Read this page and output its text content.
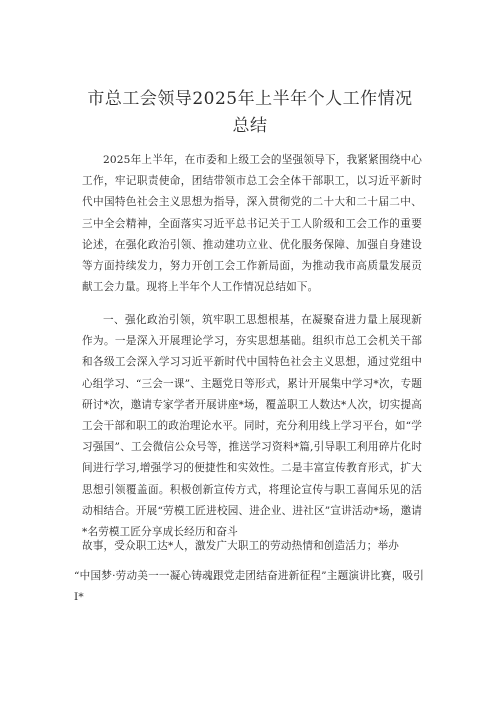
市总工会领导2025年上半年个人工作情况总结
2025年上半年，在市委和上级工会的坚强领导下，我紧紧围绕中心工作，牢记职责使命，团结带领市总工会全体干部职工，以习近平新时代中国特色社会主义思想为指导，深入贯彻党的二十大和二十届二中、三中全会精神，全面落实习近平总书记关于工人阶级和工会工作的重要论述，在强化政治引领、推动建功立业、优化服务保障、加强自身建设等方面持续发力，努力开创工会工作新局面，为推动我市高质量发展贡献工会力量。现将上半年个人工作情况总结如下。
一、强化政治引领，筑牢职工思想根基，在凝聚奋进力量上展现新作为。一是深入开展理论学习，夯实思想基础。组织市总工会机关干部和各级工会深入学习习近平新时代中国特色社会主义思想，通过党组中心组学习、“三会一课”、主题党日等形式，累计开展集中学习*次，专题研讨*次，邀请专家学者开展讲座*场，覆盖职工人数达*人次，切实提高工会干部和职工的政治理论水平。同时，充分利用线上学习平台，如“学习强国”、工会微信公众号等，推送学习资料*篇,引导职工利用碎片化时间进行学习,增强学习的便捷性和实效性。二是丰富宣传教育形式，扩大思想引领覆盖面。积极创新宣传方式，将理论宣传与职工喜闻乐见的活动相结合。开展“劳模工匠进校园、进企业、进社区”宣讲活动*场，邀请*名劳模工匠分享成长经历和奋斗
故事，受众职工达*人，激发广大职工的劳动热情和创造活力；举办
“中国梦·劳动美一一凝心铸魂跟党走团结奋进新征程”主题演讲比赛，吸引I*
